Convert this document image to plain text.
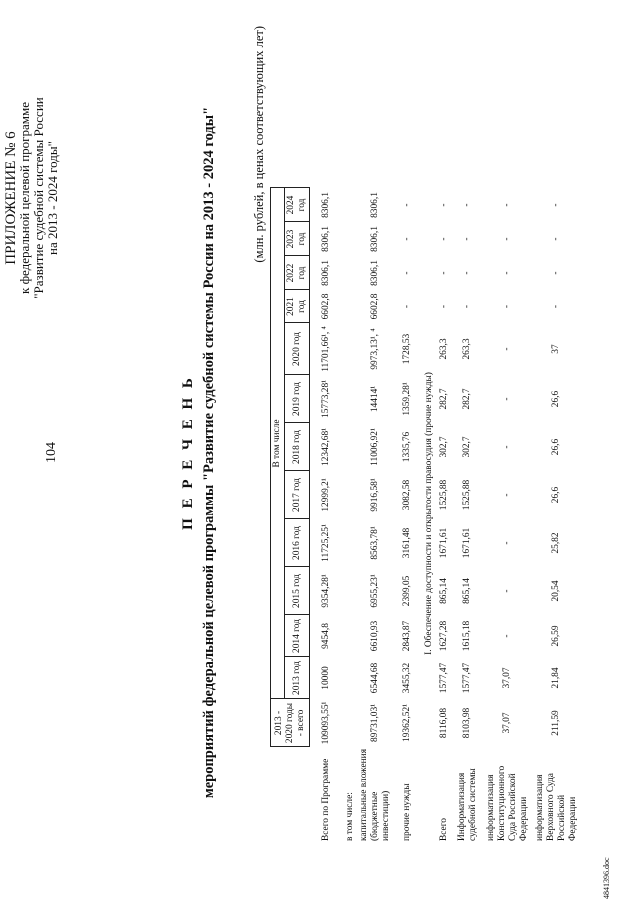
104
ПРИЛОЖЕНИЕ № 6
к федеральной целевой программе "Развитие судебной системы России на 2013 - 2024 годы"
П Е Р Е Ч Е Н Ь мероприятий федеральной целевой программы "Развитие судебной системы России на 2013 - 2024 годы"	(млн. рублей, в ценах соответствующих лет)
	2013 - 2020 годы - всего	В том числе											
		2013 год	2014 год	2015 год	2016 год	2017 год	2018 год	2019 год	2020 год	2021 год	2022 год	2023 год	2024 год
Всего по Программе	109093,55¹	10000	9454,8	9354,28¹	11725,25¹	12999,2¹	12342,68¹	15773,28¹	11701,66¹, ⁴	6602,8	8306,1	8306,1	8306,1
в том числе:													
капитальные вложения (бюджетные инвестиции)	89731,03¹	6544,68	6610,93	6955,23¹	8563,78¹	9916,58¹	11006,92¹	14414¹	9973,13¹, ⁴	6602,8	8306,1	8306,1	8306,1
прочие нужды	19362,52¹	3455,32	2843,87	2399,05	3161,48	3082,58	1335,76	1359,28¹	1728,53	-	-	-	-
I. Обеспечение доступности и открытости правосудия (прочие нужды)													
Всего	8116,08	1577,47	1627,28	865,14	1671,61	1525,88	302,7	282,7	263,3	-	-	-	-
Информатизация судебной системы	8103,98	1577,47	1615,18	865,14	1671,61	1525,88	302,7	282,7	263,3	-	-	-	-
информатизация Конституционного Суда Российской Федерации	37,07	37,07	-	-	-	-	-	-	-	-	-	-	-
информатизация Верховного Суда Российской Федерации	211,59	21,84	26,59	20,54	25,82	26,6	26,6	26,6	37	-	-	-	-
4841396.doc
